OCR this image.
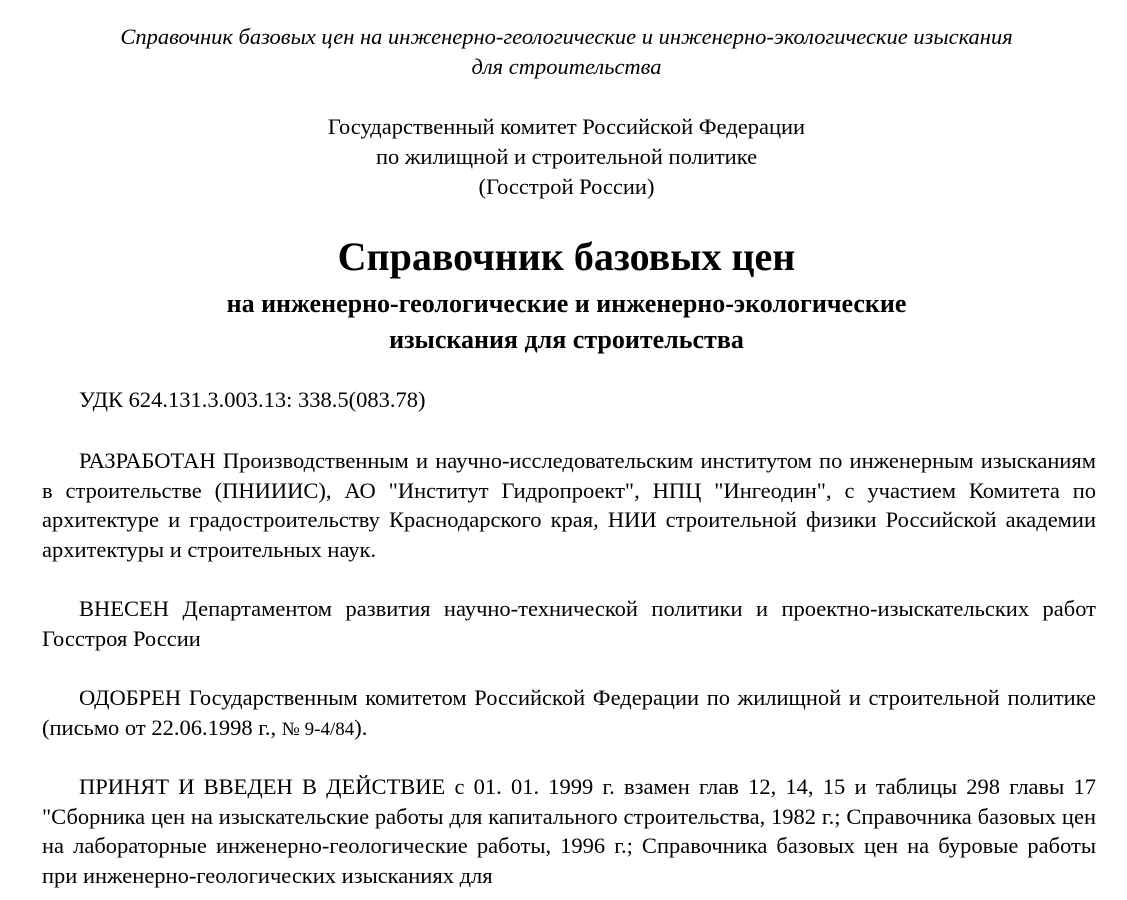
Справочник базовых цен на инженерно-геологические и инженерно-экологические изыскания
для строительства
Государственный комитет Российской Федерации
по жилищной и строительной политике
(Госстрой России)
Справочник базовых цен
на инженерно-геологические и инженерно-экологические
изыскания для строительства
УДК 624.131.3.003.13: 338.5(083.78)
РАЗРАБОТАН Производственным и научно-исследовательским институтом по инженерным изысканиям в строительстве (ПНИИИС), АО "Институт Гидропроект", НПЦ "Ингеодин", с участием Комитета по архитектуре и градостроительству Краснодарского края, НИИ строительной физики Российской академии архитектуры и строительных наук.
ВНЕСЕН Департаментом развития научно-технической политики и проектно-изыскательских работ Госстроя России
ОДОБРЕН Государственным комитетом Российской Федерации по жилищной и строительной политике (письмо от 22.06.1998 г., № 9-4/84).
ПРИНЯТ И ВВЕДЕН В ДЕЙСТВИЕ с 01. 01. 1999 г. взамен глав 12, 14, 15 и таблицы 298 главы 17 "Сборника цен на изыскательские работы для капитального строительства, 1982 г.; Справочника базовых цен на лабораторные инженерно-геологические работы, 1996 г.; Справочника базовых цен на буровые работы при инженерно-геологических изысканиях для
